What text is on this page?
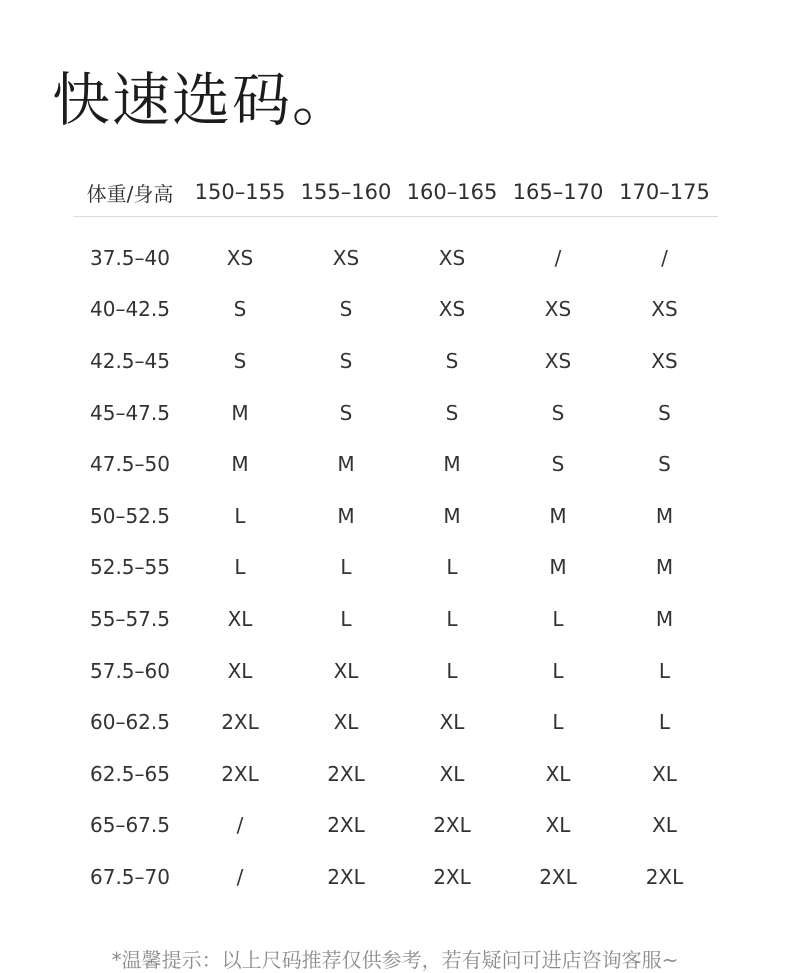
快速选码。
体重/身高	150–155 155–160 160–165 165–170 170–175
37.5–40	XS	XS	XS	/	/
40–42.5	S	S	XS	XS	XS
42.5–45	S	S	S	XS	XS
45–47.5	M	S	S	S	S
47.5–50	M	M	M	S	S
50–52.5	L	M	M	M	M
52.5–55	L	L	L	M	M
55–57.5	XL	L	L	L	M
57.5–60	XL	XL	L	L	L
60–62.5	2XL	XL	XL	L	L
62.5–65	2XL	2XL	XL	XL	XL
65–67.5	/	2XL	2XL	XL	XL
67.5–70	/	2XL	2XL	2XL	2XL
*温馨提示：以上尺码推荐仅供参考，若有疑问可进店咨询客服~
